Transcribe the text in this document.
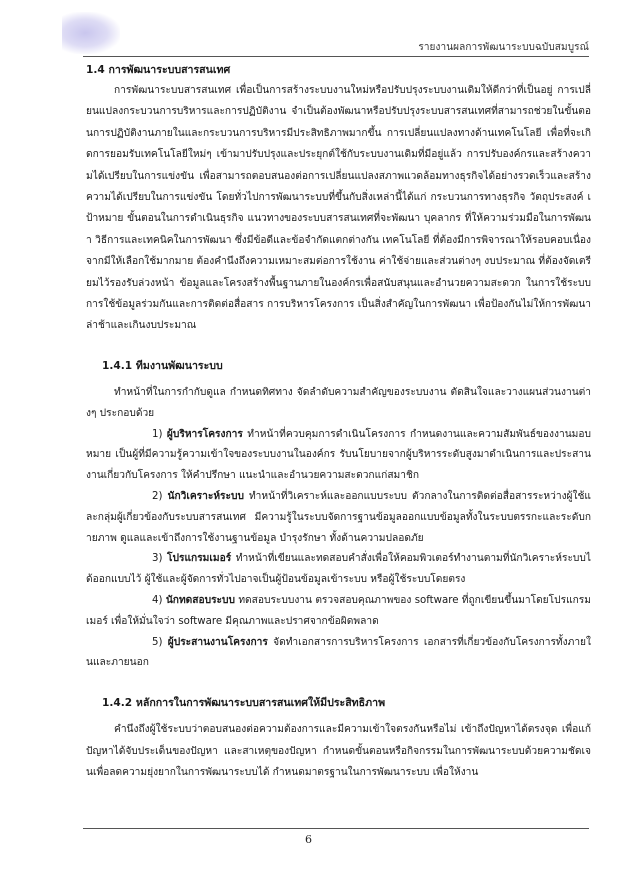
รายงานผลการพัฒนาระบบฉบับสมบูรณ์

1.4 การพัฒนาระบบสารสนเทศ

การพัฒนาระบบสารสนเทศ เพื่อเป็นการสร้างระบบงานใหม่หรือปรับปรุงระบบงานเดิมให้ดีกว่าที่เป็นอยู่ การเปลี่ยนแปลงกระบวนการบริหารและการปฏิบัติงาน จำเป็นต้องพัฒนาหรือปรับปรุงระบบสารสนเทศที่สามารถช่วยในขั้นตอนการปฏิบัติงานภายในและกระบวนการบริหารมีประสิทธิภาพมากขึ้น การเปลี่ยนแปลงทางด้านเทคโนโลยี เพื่อที่จะเกิดการยอมรับเทคโนโลยีใหม่ๆ เข้ามาปรับปรุงและประยุกต์ใช้กับระบบงานเดิมที่มีอยู่แล้ว การปรับองค์กรและสร้างความได้เปรียบในการแข่งขัน เพื่อสามารถตอบสนองต่อการเปลี่ยนแปลงสภาพแวดล้อมทางธุรกิจได้อย่างรวดเร็วและสร้างความได้เปรียบในการแข่งขัน โดยทั่วไปการพัฒนาระบบที่ขึ้นกับสิ่งเหล่านี้ได้แก่ กระบวนการทางธุรกิจ วัตถุประสงค์ เป้าหมาย ขั้นตอนในการดำเนินธุรกิจ แนวทางของระบบสารสนเทศที่จะพัฒนา บุคลากร ที่ให้ความร่วมมือในการพัฒนา วิธีการและเทคนิคในการพัฒนา ซึ่งมีข้อดีและข้อจำกัดแตกต่างกัน เทคโนโลยี ที่ต้องมีการพิจารณาให้รอบคอบเนื่องจากมีให้เลือกใช้มากมาย ต้องคำนึงถึงความเหมาะสมต่อการใช้งาน ค่าใช้จ่ายและส่วนต่างๆ งบประมาณ ที่ต้องจัดเตรียมไว้รองรับล่วงหน้า ข้อมูลและโครงสร้างพื้นฐานภายในองค์กรเพื่อสนับสนุนและอำนวยความสะดวก ในการใช้ระบบการใช้ข้อมูลร่วมกันและการติดต่อสื่อสาร การบริหารโครงการ เป็นสิ่งสำคัญในการพัฒนา เพื่อป้องกันไม่ให้การพัฒนาล่าช้าและเกินงบประมาณ

1.4.1 ทีมงานพัฒนาระบบ

ทำหน้าที่ในการกำกับดูแล กำหนดทิศทาง จัดลำดับความสำคัญของระบบงาน ตัดสินใจและวางแผนส่วนงานต่างๆ ประกอบด้วย

1) ผู้บริหารโครงการ ทำหน้าที่ควบคุมการดำเนินโครงการ กำหนดงานและความสัมพันธ์ของงานมอบหมาย เป็นผู้ที่มีความรู้ความเข้าใจของระบบงานในองค์กร รับนโยบายจากผู้บริหารระดับสูงมาดำเนินการและประสานงานเกี่ยวกับโครงการ ให้คำปรึกษา แนะนำและอำนวยความสะดวกแก่สมาชิก

2) นักวิเคราะห์ระบบ ทำหน้าที่วิเคราะห์และออกแบบระบบ ตัวกลางในการติดต่อสื่อสารระหว่างผู้ใช้และกลุ่มผู้เกี่ยวข้องกับระบบสารสนเทศ มีความรู้ในระบบจัดการฐานข้อมูลออกแบบข้อมูลทั้งในระบบตรรกะและระดับกายภาพ ดูแลและเข้าถึงการใช้งานฐานข้อมูล บำรุงรักษา ทั้งด้านความปลอดภัย

3) โปรแกรมเมอร์ ทำหน้าที่เขียนและทดสอบคำสั่งเพื่อให้คอมพิวเตอร์ทำงานตามที่นักวิเคราะห์ระบบได้ออกแบบไว้ ผู้ใช้และผู้จัดการทั่วไปอาจเป็นผู้ป้อนข้อมูลเข้าระบบ หรือผู้ใช้ระบบโดยตรง

4) นักทดสอบระบบ ทดสอบระบบงาน ตรวจสอบคุณภาพของ software ที่ถูกเขียนขึ้นมาโดยโปรแกรมเมอร์ เพื่อให้มั่นใจว่า software มีคุณภาพและปราศจากข้อผิดพลาด

5) ผู้ประสานงานโครงการ จัดทำเอกสารการบริหารโครงการ เอกสารที่เกี่ยวข้องกับโครงการทั้งภายในและภายนอก

1.4.2 หลักการในการพัฒนาระบบสารสนเทศให้มีประสิทธิภาพ

คำนึงถึงผู้ใช้ระบบว่าตอบสนองต่อความต้องการและมีความเข้าใจตรงกันหรือไม่ เข้าถึงปัญหาได้ตรงจุด เพื่อแก้ปัญหาได้จับประเด็นของปัญหา และสาเหตุของปัญหา กำหนดขั้นตอนหรือกิจกรรมในการพัฒนาระบบด้วยความชัดเจนเพื่อลดความยุ่งยากในการพัฒนาระบบได้ กำหนดมาตรฐานในการพัฒนาระบบ เพื่อให้งาน

6
